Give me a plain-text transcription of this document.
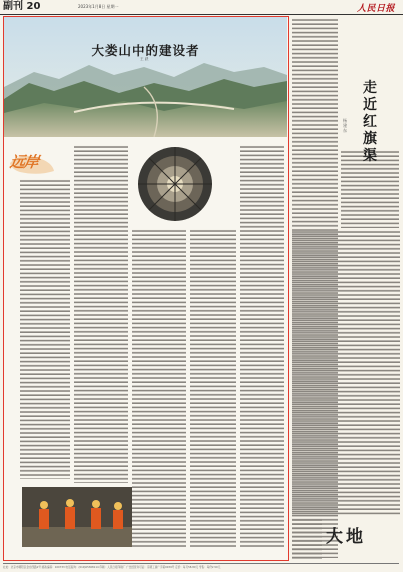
副刊 20	2023年1月8日 星期一	人民日报
大娄山中的建设者
王 跃
远岸
走近红旗渠
杨 建 东
大地
社址：北京市朝阳区金台西路2号 邮政编码：100733 电话查询：(010)65368114 印刷：人民日报印刷厂 广告经营许可证：京朝工商广字第0039号 定价：每月58.80元 零售：每份2.50元
